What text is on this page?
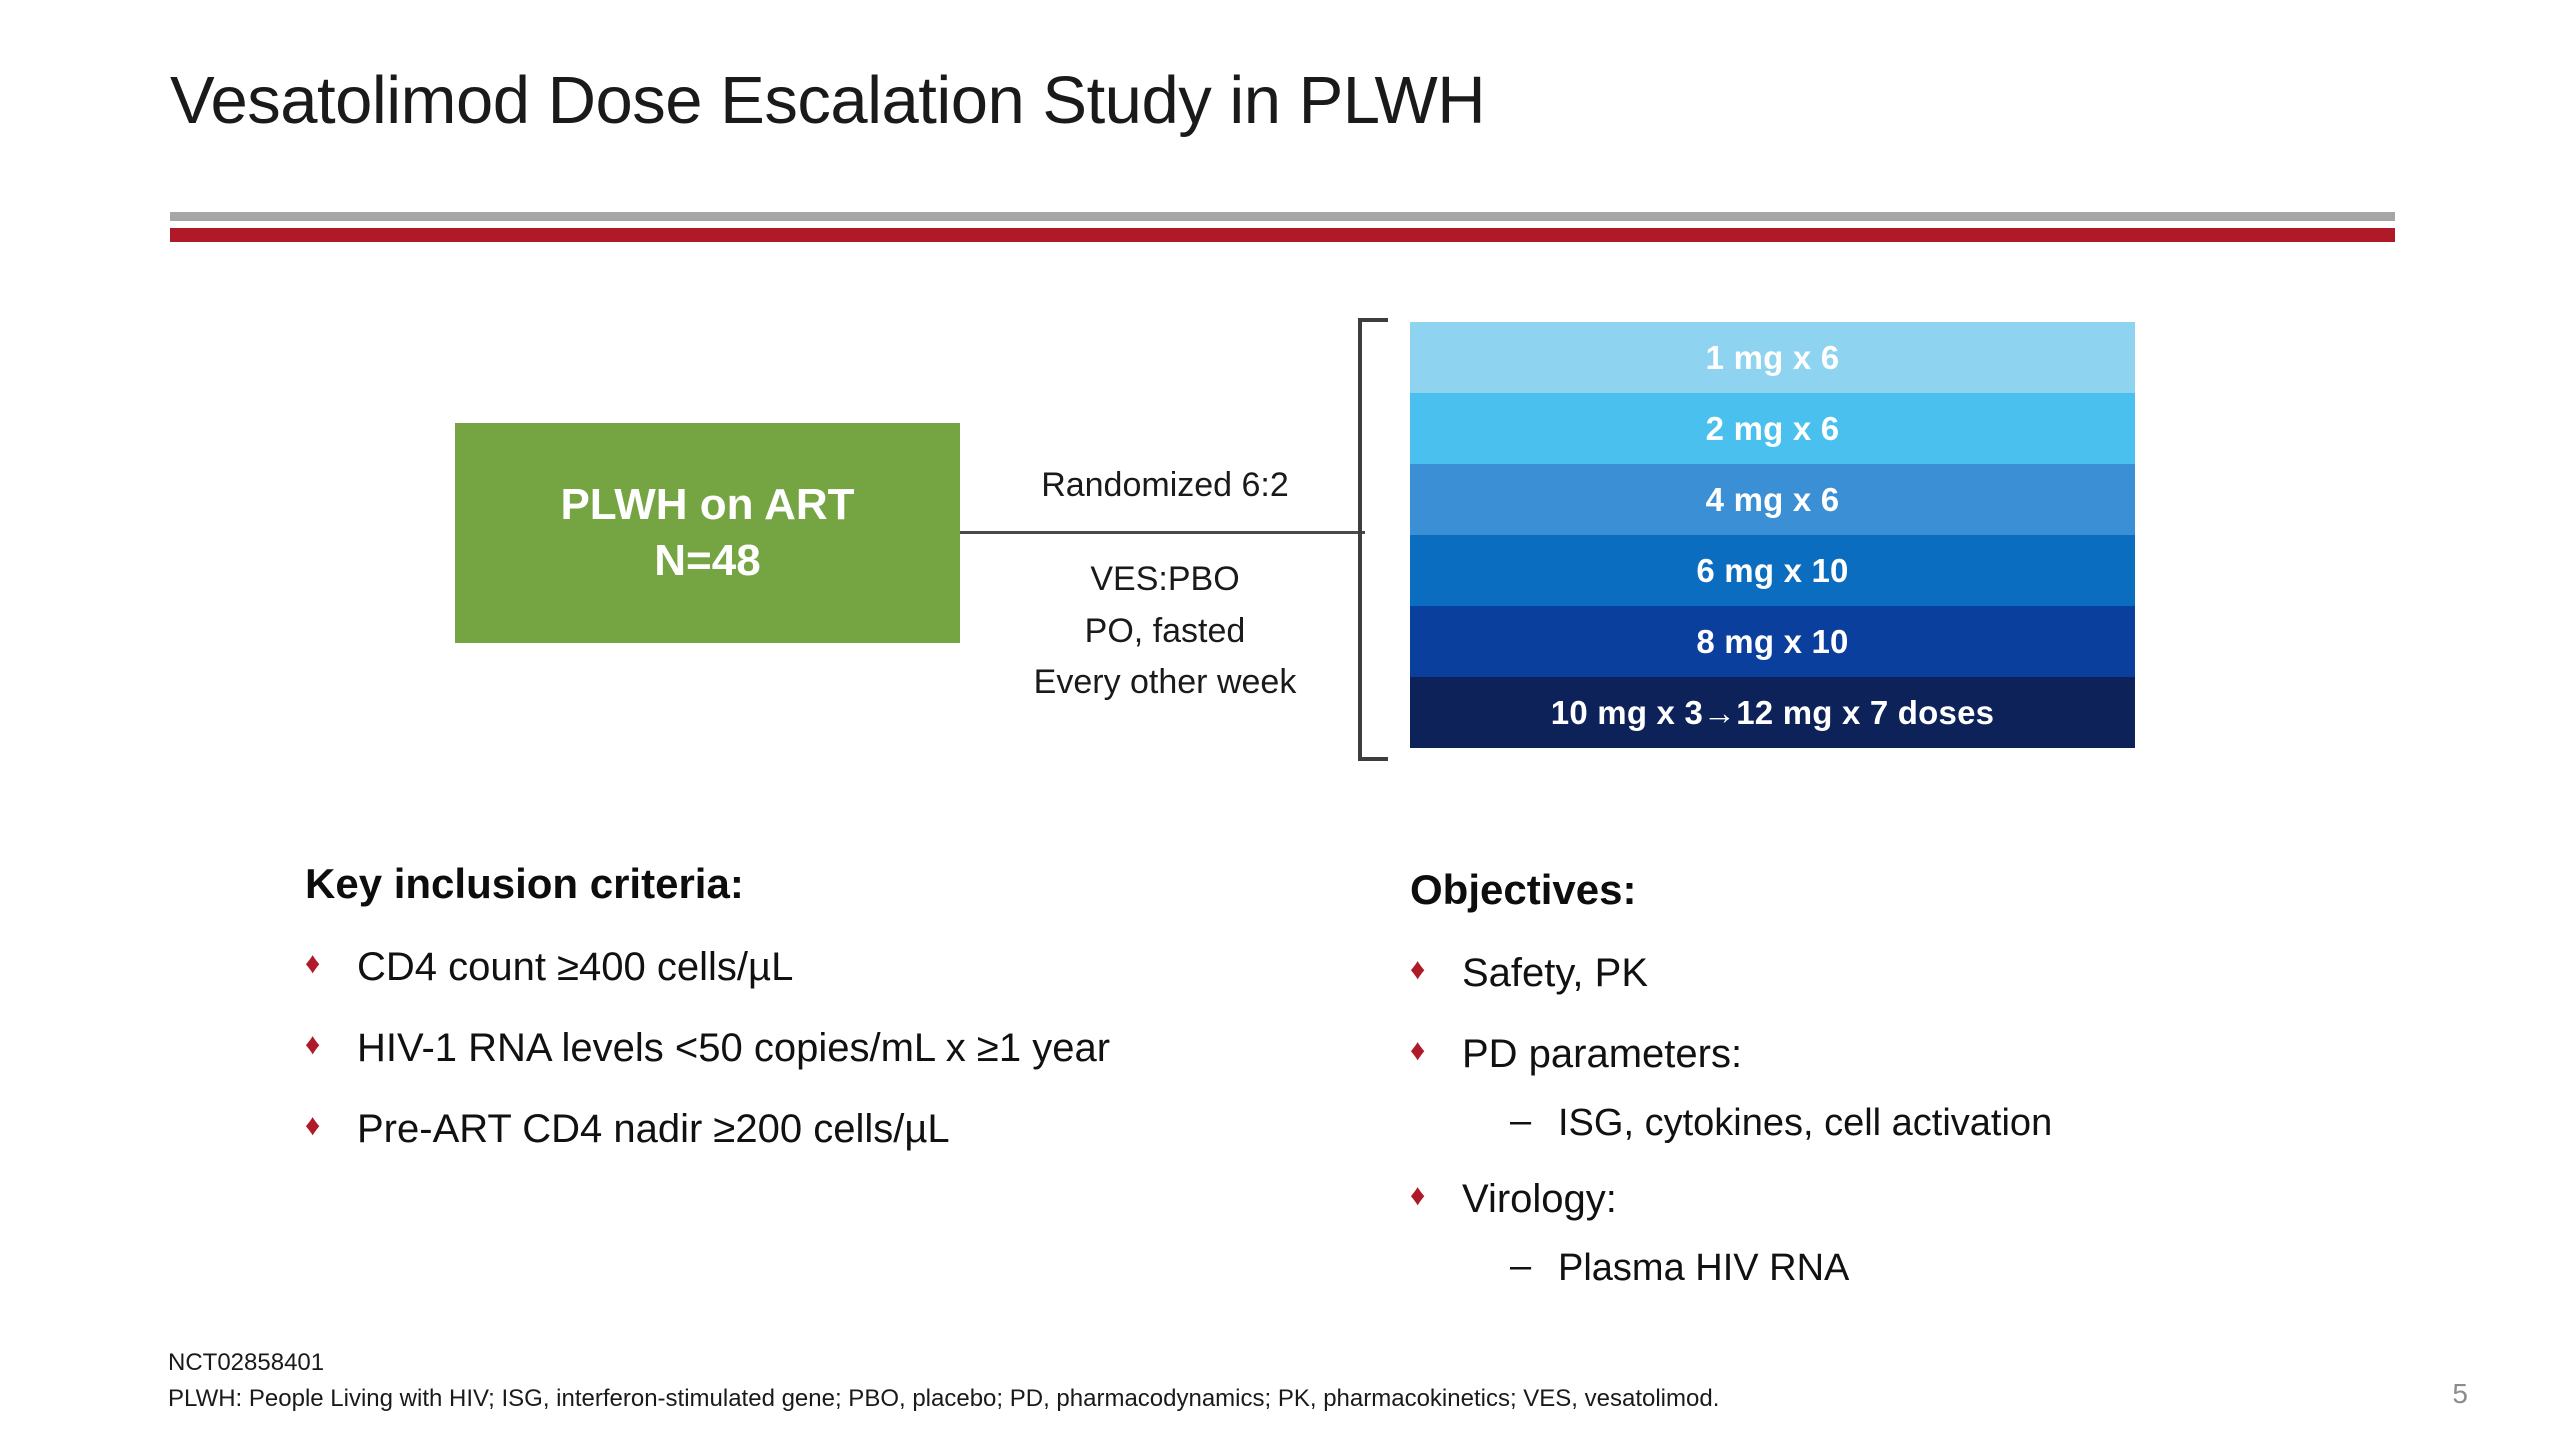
Vesatolimod Dose Escalation Study in PLWH
PLWH on ART
N=48
Randomized 6:2
VES:PBO
PO, fasted
Every other week
1 mg x 6
2 mg x 6
4 mg x 6
6 mg x 10
8 mg x 10
10 mg x 3→12 mg x 7 doses
Key inclusion criteria:
♦ CD4 count ≥400 cells/µL
♦ HIV-1 RNA levels <50 copies/mL x ≥1 year
♦ Pre-ART CD4 nadir ≥200 cells/µL
Objectives:
♦ Safety, PK
♦ PD parameters:
– ISG, cytokines, cell activation
♦ Virology:
– Plasma HIV RNA
NCT02858401
PLWH: People Living with HIV; ISG, interferon-stimulated gene; PBO, placebo; PD, pharmacodynamics; PK, pharmacokinetics; VES, vesatolimod.	5
